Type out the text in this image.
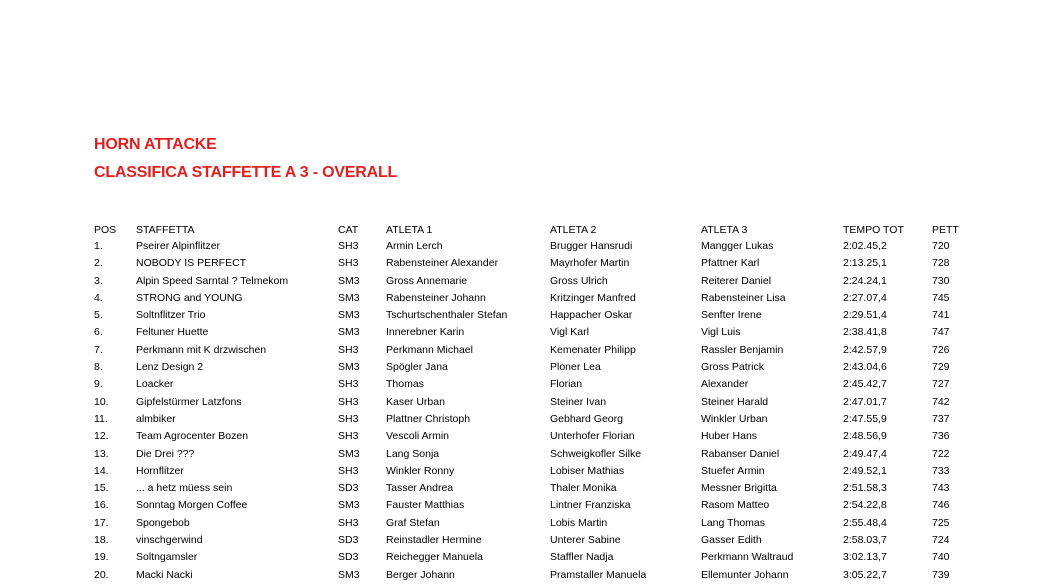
HORN ATTACKE
CLASSIFICA STAFFETTE A 3 - OVERALL
POS	STAFFETTA	CAT	ATLETA 1	ATLETA 2	ATLETA 3	TEMPO TOT	PETT
1.	Pseirer Alpinflitzer	SH3	Armin Lerch	Brugger Hansrudi	Mangger Lukas	2:02.45,2	720
2.	NOBODY IS PERFECT	SH3	Rabensteiner Alexander	Mayrhofer Martin	Pfattner Karl	2:13.25,1	728
3.	Alpin Speed Sarntal ? Telmekom	SM3	Gross Annemarie	Gross Ulrich	Reiterer Daniel	2:24.24,1	730
4.	STRONG and YOUNG	SM3	Rabensteiner Johann	Kritzinger Manfred	Rabensteiner Lisa	2:27.07,4	745
5.	Soltnflitzer Trio	SM3	Tschurtschenthaler Stefan	Happacher Oskar	Senfter Irene	2:29.51,4	741
6.	Feltuner Huette	SM3	Innerebner Karin	Vigl Karl	Vigl Luis	2:38.41,8	747
7.	Perkmann mit K drzwischen	SH3	Perkmann Michael	Kemenater Philipp	Rassler Benjamin	2:42.57,9	726
8.	Lenz Design 2	SM3	Spögler Jana	Ploner Lea	Gross Patrick	2:43.04,6	729
9.	Loacker	SH3	Thomas	Florian	Alexander	2:45.42,7	727
10.	Gipfelstürmer Latzfons	SH3	Kaser Urban	Steiner Ivan	Steiner Harald	2:47.01,7	742
11.	almbiker	SH3	Plattner Christoph	Gebhard Georg	Winkler Urban	2:47.55,9	737
12.	Team Agrocenter Bozen	SH3	Vescoli Armin	Unterhofer Florian	Huber Hans	2:48.56,9	736
13.	Die Drei ???	SM3	Lang Sonja	Schweigkofler Silke	Rabanser Daniel	2:49.47,4	722
14.	Hornflitzer	SH3	Winkler Ronny	Lobiser Mathias	Stuefer Armin	2:49.52,1	733
15.	... a hetz müess sein	SD3	Tasser Andrea	Thaler Monika	Messner Brigitta	2:51.58,3	743
16.	Sonntag Morgen Coffee	SM3	Fauster Matthias	Lintner Franziska	Rasom Matteo	2:54.22,8	746
17.	Spongebob	SH3	Graf Stefan	Lobis Martin	Lang Thomas	2:55.48,4	725
18.	vinschgerwind	SD3	Reinstadler Hermine	Unterer Sabine	Gasser Edith	2:58.03,7	724
19.	Soltngamsler	SD3	Reichegger Manuela	Staffler Nadja	Perkmann Waltraud	3:02.13,7	740
20.	Macki Nacki	SM3	Berger Johann	Pramstaller Manuela	Ellemunter Johann	3:05.22,7	739
